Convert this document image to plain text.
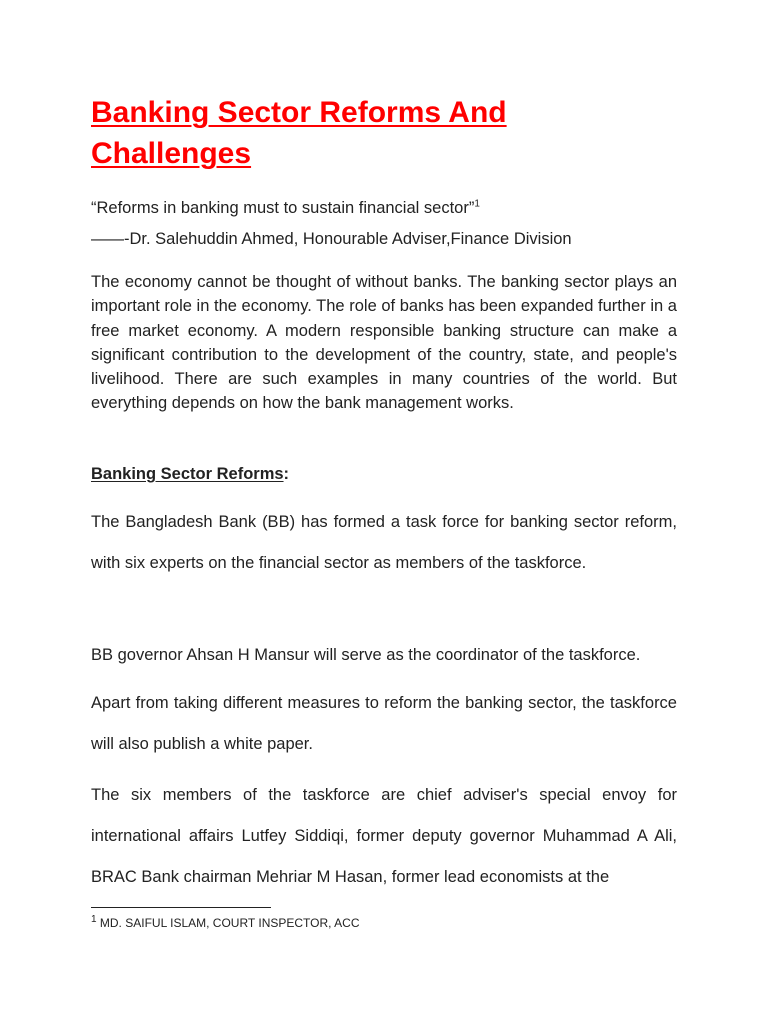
Banking Sector Reforms And Challenges

“Reforms in banking must to sustain financial sector”$^1$

——-Dr. Salehuddin Ahmed, Honourable Adviser,Finance Division

The economy cannot be thought of without banks. The banking sector plays an important role in the economy. The role of banks has been expanded further in a free market economy. A modern responsible banking structure can make a significant contribution to the development of the country, state, and people's livelihood. There are such examples in many countries of the world. But everything depends on how the bank management works.

Banking Sector Reforms:

The Bangladesh Bank (BB) has formed a task force for banking sector reform, with six experts on the financial sector as members of the taskforce.

BB governor Ahsan H Mansur will serve as the coordinator of the taskforce.

Apart from taking different measures to reform the banking sector, the taskforce will also publish a white paper.

The six members of the taskforce are chief adviser's special envoy for international affairs Lutfey Siddiqi, former deputy governor Muhammad A Ali, BRAC Bank chairman Mehriar M Hasan, former lead economists at the

$^1$ MD. SAIFUL ISLAM, COURT INSPECTOR, ACC
